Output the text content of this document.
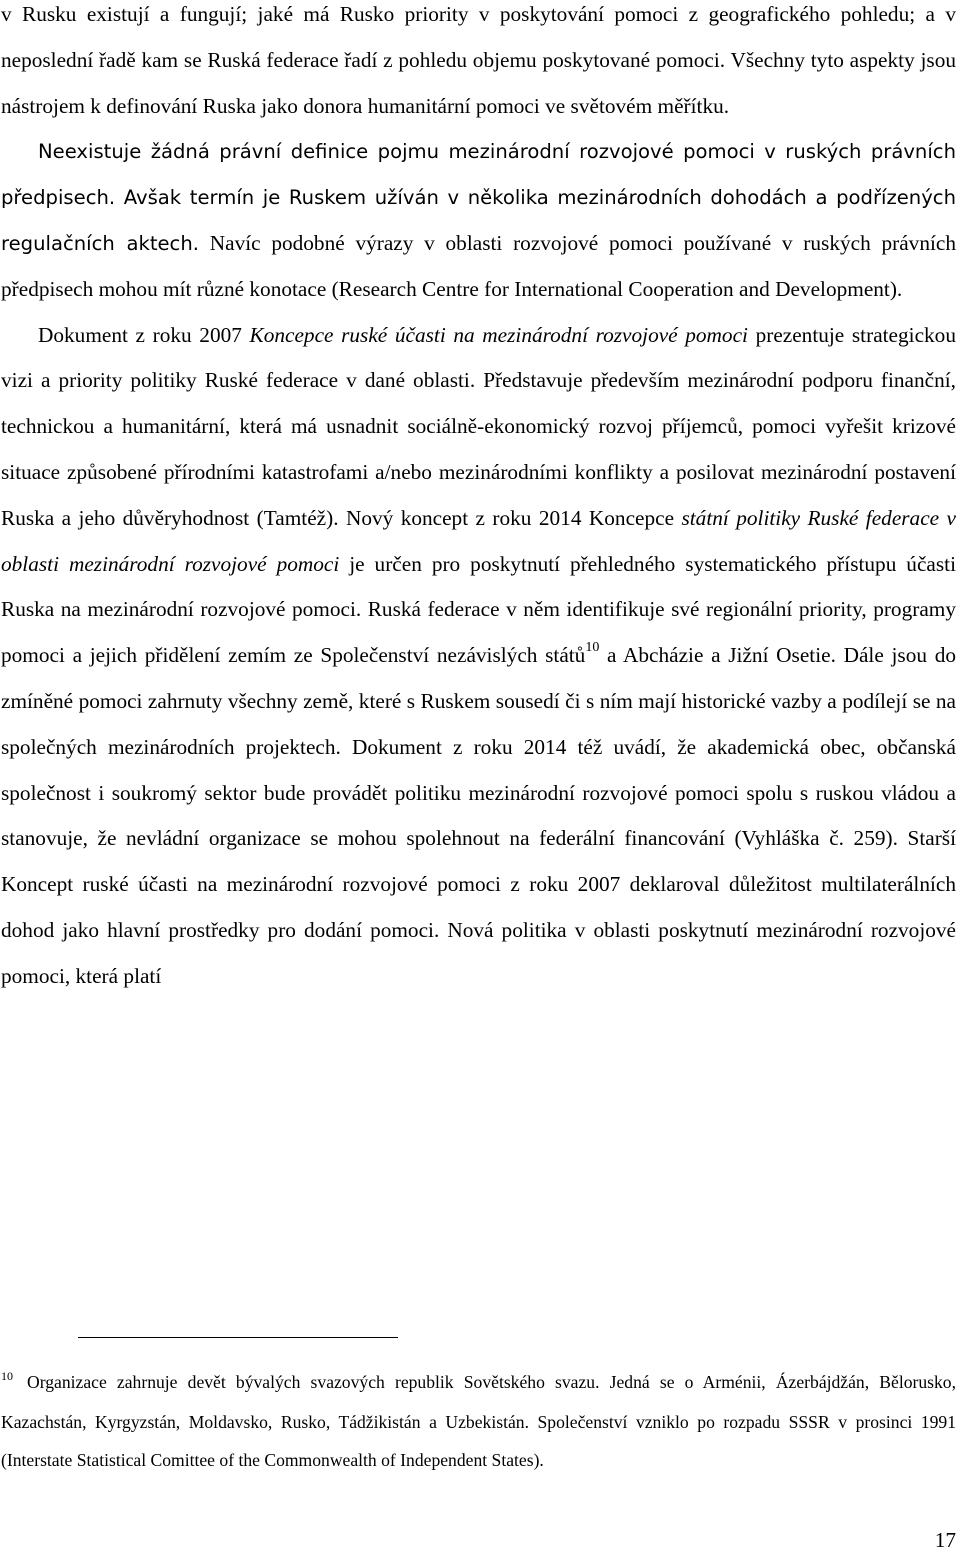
v Rusku existují a fungují; jaké má Rusko priority v poskytování pomoci z geografického pohledu; a v neposlední řadě kam se Ruská federace řadí z pohledu objemu poskytované pomoci. Všechny tyto aspekty jsou nástrojem k definování Ruska jako donora humanitární pomoci ve světovém měřítku.

Neexistuje žádná právní definice pojmu mezinárodní rozvojové pomoci v ruských právních předpisech. Avšak termín je Ruskem užíván v několika mezinárodních dohodách a podřízených regulačních aktech. Navíc podobné výrazy v oblasti rozvojové pomoci používané v ruských právních předpisech mohou mít různé konotace (Research Centre for International Cooperation and Development).

Dokument z roku 2007 Koncepce ruské účasti na mezinárodní rozvojové pomoci prezentuje strategickou vizi a priority politiky Ruské federace v dané oblasti. Představuje především mezinárodní podporu finanční, technickou a humanitární, která má usnadnit sociálně-ekonomický rozvoj příjemců, pomoci vyřešit krizové situace způsobené přírodními katastrofami a/nebo mezinárodními konflikty a posilovat mezinárodní postavení Ruska a jeho důvěryhodnost (Tamtéž). Nový koncept z roku 2014 Koncepce státní politiky Ruské federace v oblasti mezinárodní rozvojové pomoci je určen pro poskytnutí přehledného systematického přístupu účasti Ruska na mezinárodní rozvojové pomoci. Ruská federace v něm identifikuje své regionální priority, programy pomoci a jejich přidělení zemím ze Společenství nezávislých států$^{10}$ a Abcházie a Jižní Osetie. Dále jsou do zmíněné pomoci zahrnuty všechny země, které s Ruskem sousedí či s ním mají historické vazby a podílejí se na společných mezinárodních projektech. Dokument z roku 2014 též uvádí, že akademická obec, občanská společnost i soukromý sektor bude provádět politiku mezinárodní rozvojové pomoci spolu s ruskou vládou a stanovuje, že nevládní organizace se mohou spolehnout na federální financování (Vyhláška č. 259). Starší Koncept ruské účasti na mezinárodní rozvojové pomoci z roku 2007 deklaroval důležitost multilaterálních dohod jako hlavní prostředky pro dodání pomoci. Nová politika v oblasti poskytnutí mezinárodní rozvojové pomoci, která platí

$^{10}$ Organizace zahrnuje devět bývalých svazových republik Sovětského svazu. Jedná se o Arménii, Ázerbájdžán, Bělorusko, Kazachstán, Kyrgyzstán, Moldavsko, Rusko, Tádžikistán a Uzbekistán. Společenství vzniklo po rozpadu SSSR v prosinci 1991 (Interstate Statistical Comittee of the Commonwealth of Independent States).

17
